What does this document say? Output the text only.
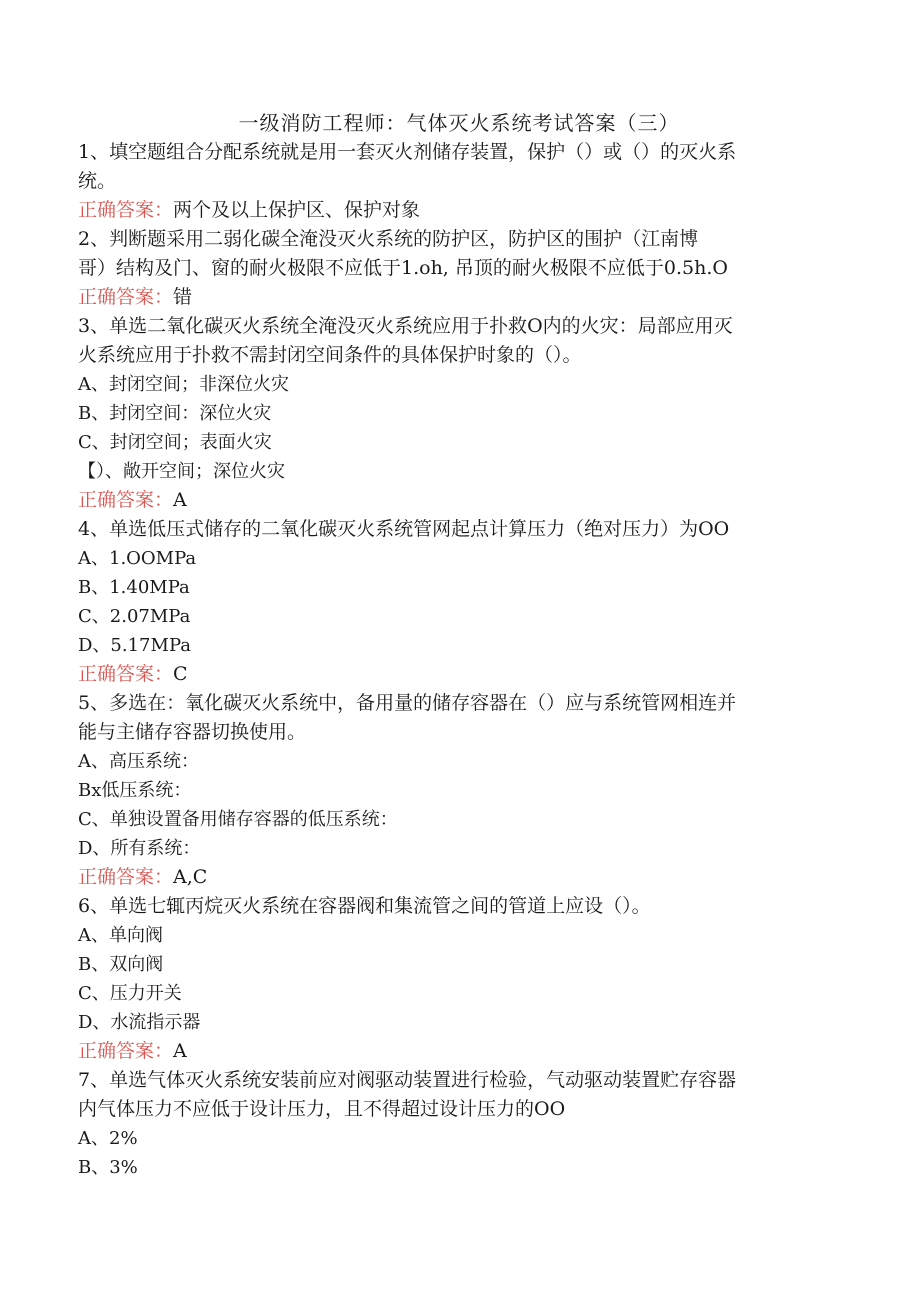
一级消防工程师：气体灭火系统考试答案（三）
1、填空题组合分配系统就是用一套灭火剂储存装置，保护（）或（）的灭火系
统。
正确答案：两个及以上保护区、保护对象
2、判断题采用二弱化碳全淹没灭火系统的防护区，防护区的围护（江南博
哥）结构及门、窗的耐火极限不应低于1.oh, 吊顶的耐火极限不应低于0.5h.O
正确答案：错
3、单选二氧化碳灭火系统全淹没灭火系统应用于扑救O内的火灾：局部应用灭
火系统应用于扑救不需封闭空间条件的具体保护时象的（）。
A、封闭空间；非深位火灾
B、封闭空间：深位火灾
C、封闭空间；表面火灾
【）、敞开空间；深位火灾
正确答案：A
4、单选低压式储存的二氧化碳灭火系统管网起点计算压力（绝对压力）为OO
A、1.OOMPa
B、1.40MPa
C、2.07MPa
D、5.17MPa
正确答案：C
5、多选在：氧化碳灭火系统中，备用量的储存容器在（）应与系统管网相连并
能与主储存容器切换使用。
A、高压系统：
Bx低压系统：
C、单独设置备用储存容器的低压系统：
D、所有系统：
正确答案：A,C
6、单选七辄丙烷灭火系统在容器阀和集流管之间的管道上应设（）。
A、单向阀
B、双向阀
C、压力开关
D、水流指示器
正确答案：A
7、单选气体灭火系统安装前应对阀驱动装置进行检验，气动驱动装置贮存容器
内气体压力不应低于设计压力，且不得超过设计压力的OO
A、2%
B、3%
